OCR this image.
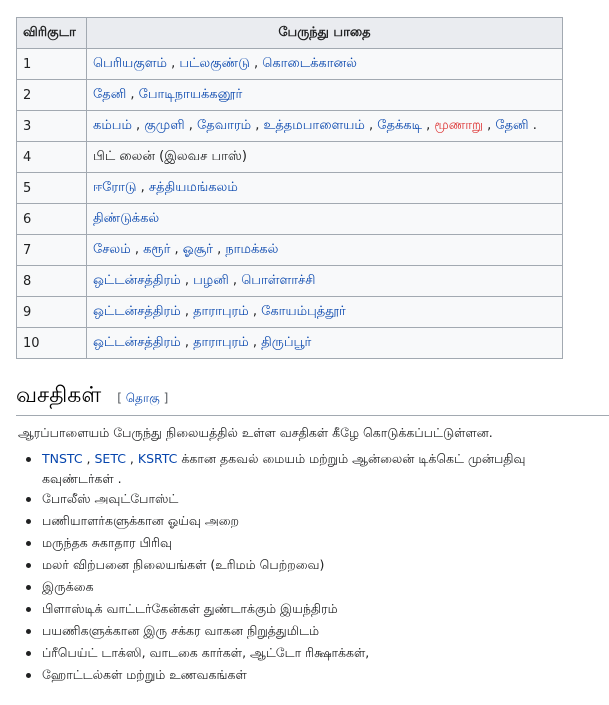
விரிகுடா	பேருந்து பாதை
1	பெரியகுளம் , பட்லகுண்டு , கொடைக்கானல்
2	தேனி , போடிநாயக்கனூர்
3	கம்பம் , குமுளி , தேவாரம் , உத்தமபாளையம் , தேக்கடி , மூணாறு , தேனி .
4	பிட் லைன் (இலவச பாஸ்)
5	ஈரோடு , சத்தியமங்கலம்
6	திண்டுக்கல்
7	சேலம் , கரூர் , ஓசூர் , நாமக்கல்
8	ஒட்டன்சத்திரம் , பழனி , பொள்ளாச்சி
9	ஒட்டன்சத்திரம் , தாராபுரம் , கோயம்புத்தூர்
10	ஒட்டன்சத்திரம் , தாராபுரம் , திருப்பூர்
வசதிகள் [ தொகு ]

ஆரப்பாளையம் பேருந்து நிலையத்தில் உள்ள வசதிகள் கீழே கொடுக்கப்பட்டுள்ளன.

TNSTC , SETC , KSRTC க்கான தகவல் மையம் மற்றும் ஆன்லைன் டிக்கெட் முன்பதிவு
கவுண்டர்கள் .
போலீஸ் அவுட்போஸ்ட்
பணியாளர்களுக்கான ஓய்வு அறை
மருந்தக சுகாதார பிரிவு
மலர் விற்பனை நிலையங்கள் (உரிமம் பெற்றவை)
இருக்கை
பிளாஸ்டிக் வாட்டர்கேன்கள் துண்டாக்கும் இயந்திரம்
பயணிகளுக்கான இரு சக்கர வாகன நிறுத்துமிடம்
ப்ரீபெய்ட் டாக்ஸி, வாடகை கார்கள், ஆட்டோ ரிக்ஷாக்கள்,
ஹோட்டல்கள் மற்றும் உணவகங்கள்
